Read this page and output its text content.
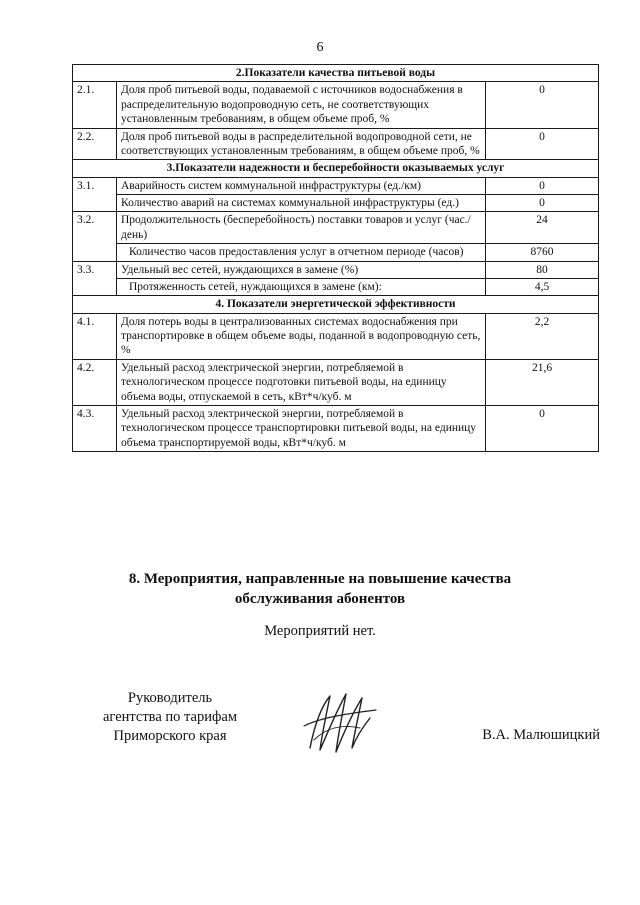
6
2.Показатели качества питьевой воды		
2.1.	Доля проб питьевой воды, подаваемой с источников водоснабжения в распределительную водопроводную сеть, не соответствующих установленным требованиям, в общем объеме проб, %	0
2.2.	Доля проб питьевой воды в распределительной водопроводной сети, не соответствующих установленным требованиям, в общем объеме проб, %	0
3.Показатели надежности и бесперебойности оказываемых услуг		
3.1.	Аварийность систем коммунальной инфраструктуры (ед./км)	0
	Количество аварий на системах коммунальной инфраструктуры (ед.)	0
3.2.	Продолжительность (бесперебойность) поставки товаров и услуг (час./день)	24
	Количество часов предоставления услуг в отчетном периоде (часов)	8760
3.3.	Удельный вес сетей, нуждающихся в замене (%)	80
	Протяженность сетей, нуждающихся в замене (км):	4,5
4. Показатели энергетической эффективности		
4.1.	Доля потерь воды в централизованных системах водоснабжения при транспортировке в общем объеме воды, поданной в водопроводную сеть, %	2,2
4.2.	Удельный расход электрической энергии, потребляемой в технологическом процессе подготовки питьевой воды, на единицу объема воды, отпускаемой в сеть, кВт*ч/куб. м	21,6
4.3.	Удельный расход электрической энергии, потребляемой в технологическом процессе транспортировки питьевой воды, на единицу объема транспортируемой воды, кВт*ч/куб. м	0
8. Мероприятия, направленные на повышение качества
обслуживания абонентов
Мероприятий нет.
Руководитель
агентства по тарифам
Приморского края	В.А. Малюшицкий
